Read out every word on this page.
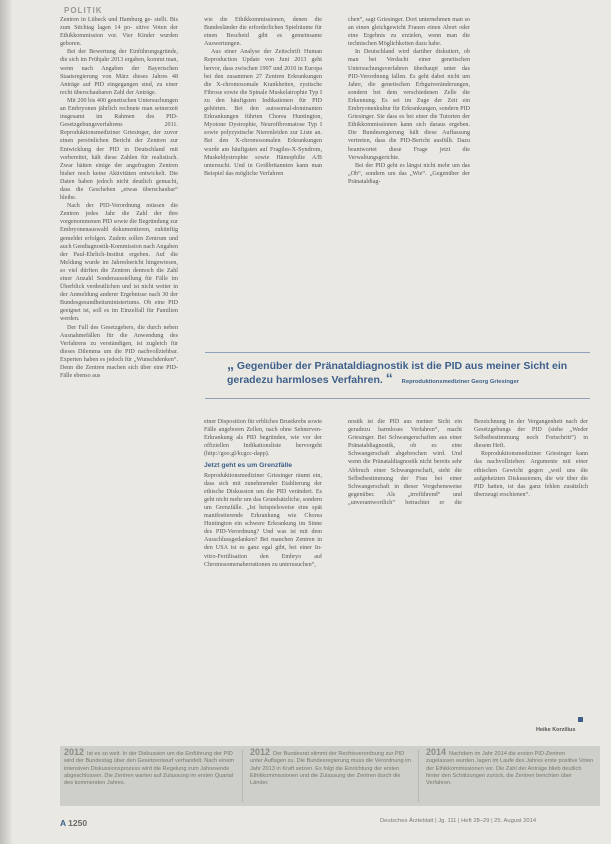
POLITIK

Zentren in Lübeck und Hamburg ge- stellt. Bis zum Stichtag lagen 14 po- sitive Voten der Ethikkommission vor. Vier Kinder wurden geboren.

Bei der Bewertung der Einführungsgründe, die sich im Frühjahr 2013 ergaben, kommt man, wenn nach Angaben der Bayerischen Staatsregierung von März dieses Jahres 48 Anträge auf PID eingegangen sind, zu einer recht überschaubaren Zahl der Anträge.

Mit 200 bis 400 genetischen Untersuchungen an Embryonen jährlich rechnete man seinerzeit insgesamt im Rahmen des PID-Gesetzgebungsverfahrens 2011. Reproduktionsmediziner Griesinger, der zuvor einen persönlichen Bericht der Zentren zur Entwicklung der PID in Deutschland mit vorbereitet, hält diese Zahlen für realistisch. Zwar hätten einige der angefragten Zentren bisher noch keine Aktivitäten entwickelt. Die Daten haben jedoch nicht deutlich gemacht, dass die Geschehen „etwas überschaubar“ bleibe.

Nach der PID-Verordnung müssen die Zentren jedes Jahr die Zahl der ihre vorgenommenen PID sowie die Begründung zur Embryonenauswahl dokumentieren, zukünftig gemeldet erfolgen. Zudem sollen Zentrum und auch Gendiagnostik-Kommission nach Angaben der Paul-Ehrlich-Institut ergeben. Auf die Meldung wurde im Jahresbericht hingewiesen, so viel dürften die Zentren dennoch die Zahl einer Anzahl Sonderausstellung für Fälle im Überblick verdeutlichen und ist nicht weiter in der Anmeldung anderer Ergebnisse nach 30 der Bundesgesundheitsministeriums. Ob eine PID geeignet ist, soll es im Einzelfall für Familien werden.

Der Fall des Gesetzgebers, die durch neben Ausnahmefällen für die Anwendung des Verfahrens zu verständigen, ist zugleich für dieses Dilemma um die PID nachvollziehbar. Experten haben es jedoch für „Wunschdenken“. Denn die Zentren machen sich über eine PID-Fälle ebenso aus

wie die Ethikkommissionen, denen die Bundesländer die erforderlichen Spielräume für einen Bescheid gibt es gemeinsame Auswertungen.

Aus einer Analyse der Zeitschrift Human Reproduction Update von Juni 2013 geht hervor, dass zwischen 1997 und 2010 in Europa bei den zusammen 27 Zentren Erkrankungen die X-chromosomale Krankheiten, zystische Fibrose sowie die Spinale Muskelatrophie Typ I zu den häufigsten Indikationen für PID gehörten. Bei den autosomal-dominanten Erkrankungen führten Chorea Huntington, Myotone Dystrophie, Neurofibromatose Typ I sowie polyzystische Nierenleiden zur Liste an. Bei den X-chromosomalen Erkrankungen wurde am häufigsten auf Fragiles-X-Syndrom, Muskeldystrophie sowie Hämophilie A/B untersucht. Und in Großbritannien kann man Beispiel das mögliche Verfahren

chen“, sagt Griesinger. Dort unternehmen man so an einen gleichgewicht Frauen einen Abort oder eine Ergebnis zu erzielen, wenn man die technischen Möglichkeiten dazu habe.

In Deutschland wird darüber diskutiert, ob man bei Verdacht einer genetischen Untersuchungsverfahren überhaupt unter das PID-Verordnung fallen. Es geht dabei nicht um Jahre, die genetischen Erbgutveränderungen, sondern bei dem verschiedenen Zelle die Erkennung. Es sei im Zuge der Zeit ein Embryonenkultur für Erkrankungen, sondern PID Griesinger. Sie dass es bei einer die Tutorien der Ethikkommissionen kann sich daraus ergeben. Die Bundesregierung hält diese Auffassung vertreten, dass die PID-Bericht ausfüllt. Dazu beantwortet diese Frage jetzt die Verwaltungsgerichte.

Bei der PID geht es längst nicht mehr um das „Ob“, sondern um das „Wie“. „Gegenüber der Pränataldiag-

„ Gegenüber der Pränataldiagnostik ist die PID aus meiner Sicht ein
geradezu harmloses Verfahren. “ Reproduktionsmediziner Georg Griesinger

einer Disposition für erbliches Brustkrebs sowie Fälle angeboren Zellen, nach ohne Sehnerven-Erkrankung als PID begründen, wie vor der offiziellen Indikationsliste hervorgeht (http://goo.gl/kcgcc-dapp).

Jetzt geht es um Grenzfälle

Reproduktionsmediziner Griesinger räumt ein, dass sich mit zunehmender Etablierung der ethische Diskussion um die PID verändert. Es geht nicht mehr um das Grundsätzliche, sondern um Grenzfälle. „Ist beispielsweise eine spät manifestierende Erkrankung wie Chorea Huntington ein schwere Erkrankung im Sinne des PID-Verordnung? Und was ist mit dem Ausschlussgedanken? Bei manchen Zentren in den USA ist es ganz egal gibt, bei einer In-vitro-Fertilisation den Embryo auf Chromosomenaberrationen zu unterusuchen“,

nostik ist die PID aus meiner Sicht ein geradezu harmloses Verfahren“, macht Griesinger. Bei Schwangerschaften aus einer Pränataldiagnostik, ob es eine Schwangerschaft abgebrochen wird. Und wenn die Pränataldiagnostik nicht bereits sehr Abbruch einer Schwangerschaft, steht die Selbstbestimmung der Frau bei einer Schwangerschaft in dieser Vorgehensweise gegenüber. Als „irreführend“ und „unverantwortlich“ betrachtet er die Bezeichnung in der Vergangenheit nach der Gesetzgebungs der PID (siehe „Weder Selbstbestimmung noch Fortschritt“) in diesem Heft.

Reproduktionsmediziner Griesinger kann das nachvollziehen: Argumente mit einer ethischen Gewicht gegen „weil uns die aufgeheizten Diskussionen, die wir über die PID hatten, ist das ganz fehlen zusätzlich überzeugt erschienen“.

Heike Korzilius
2012 Ist es so weit. In der Diskussion um die Einführung der PID wird der Bundestag über den Gesetzentwurf verhandelt. Nach einem intensiven Diskussionsprozess wird die Regelung zum Jahresende abgeschlossen. Die Zentren warten auf Zulassung im ersten Quartal des kommenden Jahres.
2012 Der Bundesrat stimmt der Rechtsverordnung zur PID unter Auflagen zu. Die Bundesregierung muss die Verordnung im Jahr 2013 in Kraft setzen. Es folgt die Einrichtung der ersten Ethikkommissionen und die Zulassung der Zentren durch die Länder.
2014 Nachdem im Jahr 2014 die ersten PID-Zentren zugelassen wurden, lagen im Laufe des Jahres erste positive Voten der Ethikkommissionen vor. Die Zahl der Anträge blieb deutlich hinter den Schätzungen zurück, die Zentren berichten über Verfahren.
A 1250	Deutsches Ärzteblatt | Jg. 111 | Heft 28–29 | 25. August 2014
